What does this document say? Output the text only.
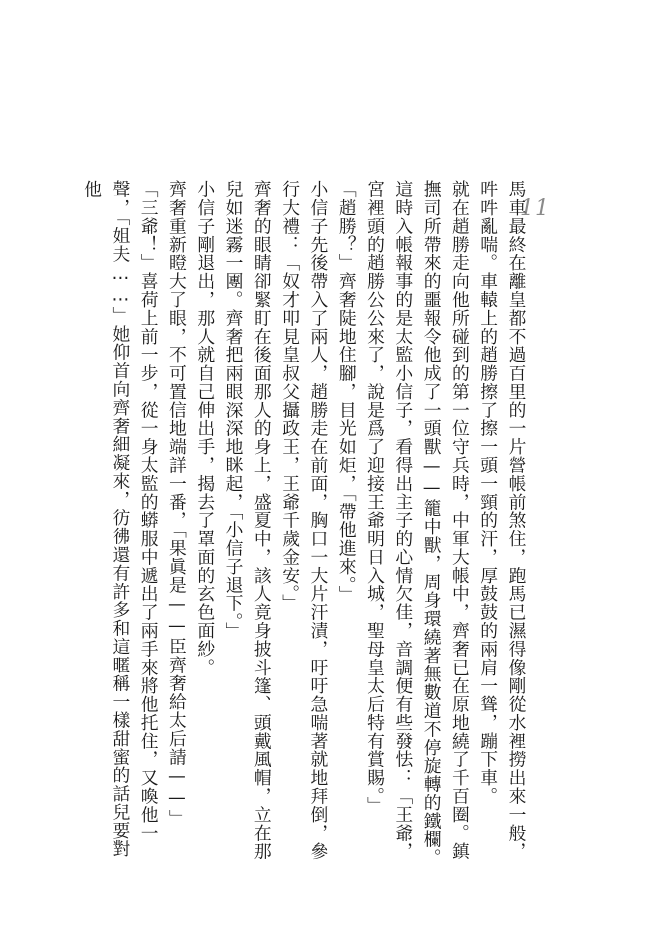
11

馬車最終在離皇都不過百里的一片營帳前煞住，跑馬已濕得像剛從水裡撈出來一般，吽吽亂喘。車轅上的趙勝擦了擦一頭一頸的汗，厚鼓鼓的兩肩一聳，蹦下車。

就在趙勝走向他所碰到的第一位守兵時，中軍大帳中，齊奢已在原地繞了千百圈。鎮撫司所帶來的噩報令他成了一頭獸——籠中獸，周身環繞著無數道不停旋轉的鐵欄。

這時入帳報事的是太監小信子，看得出主子的心情欠佳，音調便有些發怯：「王爺，宮裡頭的趙勝公公來了，說是爲了迎接王爺明日入城，聖母皇太后特有賞賜。」

「趙勝？」齊奢陡地住腳，目光如炬，「帶他進來。」

小信子先後帶入了兩人，趙勝走在前面，胸口一大片汗漬，吁吁急喘著就地拜倒，參行大禮：「奴才叩見皇叔父攝政王，王爺千歲金安。」

齊奢的眼睛卻緊盯在後面那人的身上，盛夏中，該人竟身披斗篷、頭戴風帽，立在那兒如迷霧一團。齊奢把兩眼深深地眯起，「小信子退下。」

小信子剛退出，那人就自己伸出手，揭去了罩面的玄色面紗。

齊奢重新瞪大了眼，不可置信地端詳一番，「果眞是——臣齊奢給太后請——」

「三爺！」喜荷上前一步，從一身太監的蟒服中遞出了兩手來將他托住，又喚他一聲，「姐夫……」她仰首向齊奢細凝來，彷彿還有許多和這暱稱一樣甜蜜的話兒要對他
